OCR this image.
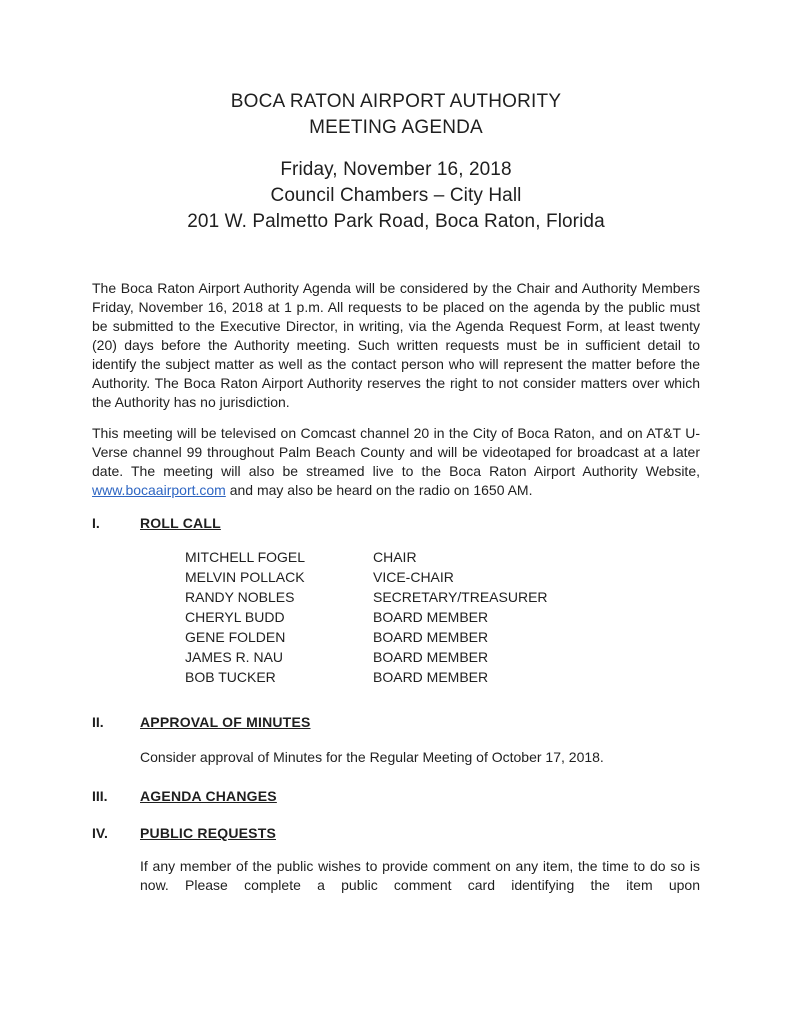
BOCA RATON AIRPORT AUTHORITY
MEETING AGENDA
Friday, November 16, 2018
Council Chambers – City Hall
201 W. Palmetto Park Road, Boca Raton, Florida

The Boca Raton Airport Authority Agenda will be considered by the Chair and Authority Members Friday, November 16, 2018 at 1 p.m. All requests to be placed on the agenda by the public must be submitted to the Executive Director, in writing, via the Agenda Request Form, at least twenty (20) days before the Authority meeting. Such written requests must be in sufficient detail to identify the subject matter as well as the contact person who will represent the matter before the Authority. The Boca Raton Airport Authority reserves the right to not consider matters over which the Authority has no jurisdiction.

This meeting will be televised on Comcast channel 20 in the City of Boca Raton, and on AT&T U-Verse channel 99 throughout Palm Beach County and will be videotaped for broadcast at a later date. The meeting will also be streamed live to the Boca Raton Airport Authority Website, www.bocaairport.com and may also be heard on the radio on 1650 AM.

I.	ROLL CALL
MITCHELL FOGEL	CHAIR
MELVIN POLLACK	VICE-CHAIR
RANDY NOBLES	SECRETARY/TREASURER
CHERYL BUDD	BOARD MEMBER
GENE FOLDEN	BOARD MEMBER
JAMES R. NAU	BOARD MEMBER
BOB TUCKER	BOARD MEMBER
II.	APPROVAL OF MINUTES

Consider approval of Minutes for the Regular Meeting of October 17, 2018.

III.	AGENDA CHANGES
IV.	PUBLIC REQUESTS

If any member of the public wishes to provide comment on any item, the time to do so is now. Please complete a public comment card identifying the item upon
